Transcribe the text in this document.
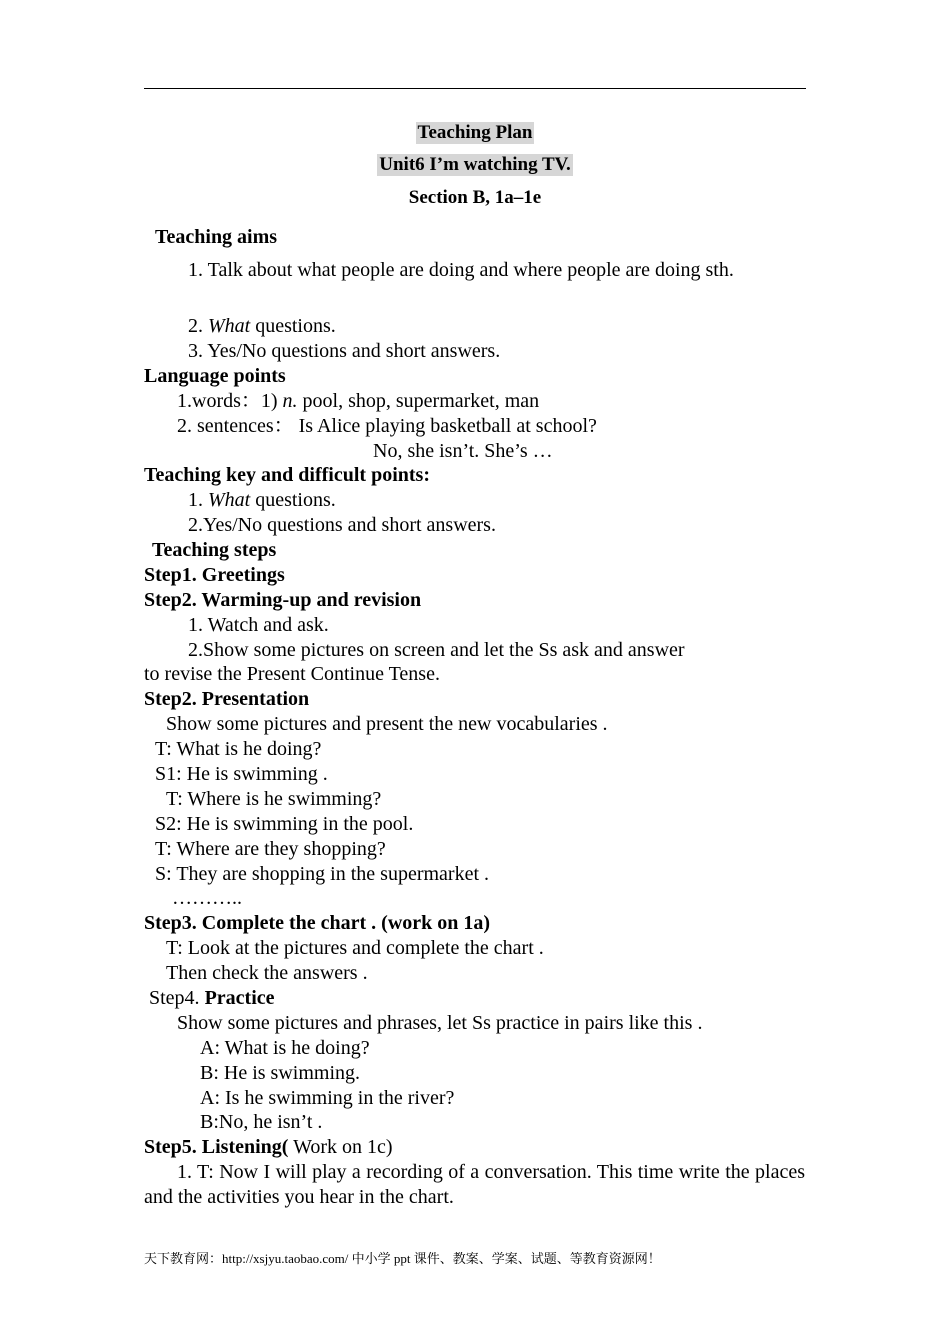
Teaching Plan
Unit6 I’m watching TV.
Section B, 1a–1e
Teaching aims
1. Talk about what people are doing and where people are doing sth.
2. What questions.
3. Yes/No questions and short answers.
Language points
1.words：1) n. pool, shop, supermarket, man
2. sentences： Is Alice playing basketball at school?
No, she isn’t. She’s …
Teaching key and difficult points:
1. What questions.
2.Yes/No questions and short answers.
Teaching steps
Step1. Greetings
Step2. Warming-up and revision
1. Watch and ask.
2.Show some pictures on screen and let the Ss ask and answer
to revise the Present Continue Tense.
Step2. Presentation
Show some pictures and present the new vocabularies .
T: What is he doing?
S1: He is swimming .
T: Where is he swimming?
S2: He is swimming in the pool.
T: Where are they shopping?
S: They are shopping in the supermarket .
………..
Step3. Complete the chart . (work on 1a)
T: Look at the pictures and complete the chart .
Then check the answers .
Step4. Practice
Show some pictures and phrases, let Ss practice in pairs like this .
A: What is he doing?
B: He is swimming.
A: Is he swimming in the river?
B:No, he isn’t .
Step5. Listening( Work on 1c)
1. T: Now I will play a recording of a conversation. This time write the places and the activities you hear in the chart.
天下教育网：http://xsjyu.taobao.com/ 中小学 ppt 课件、教案、学案、试题、等教育资源网！
